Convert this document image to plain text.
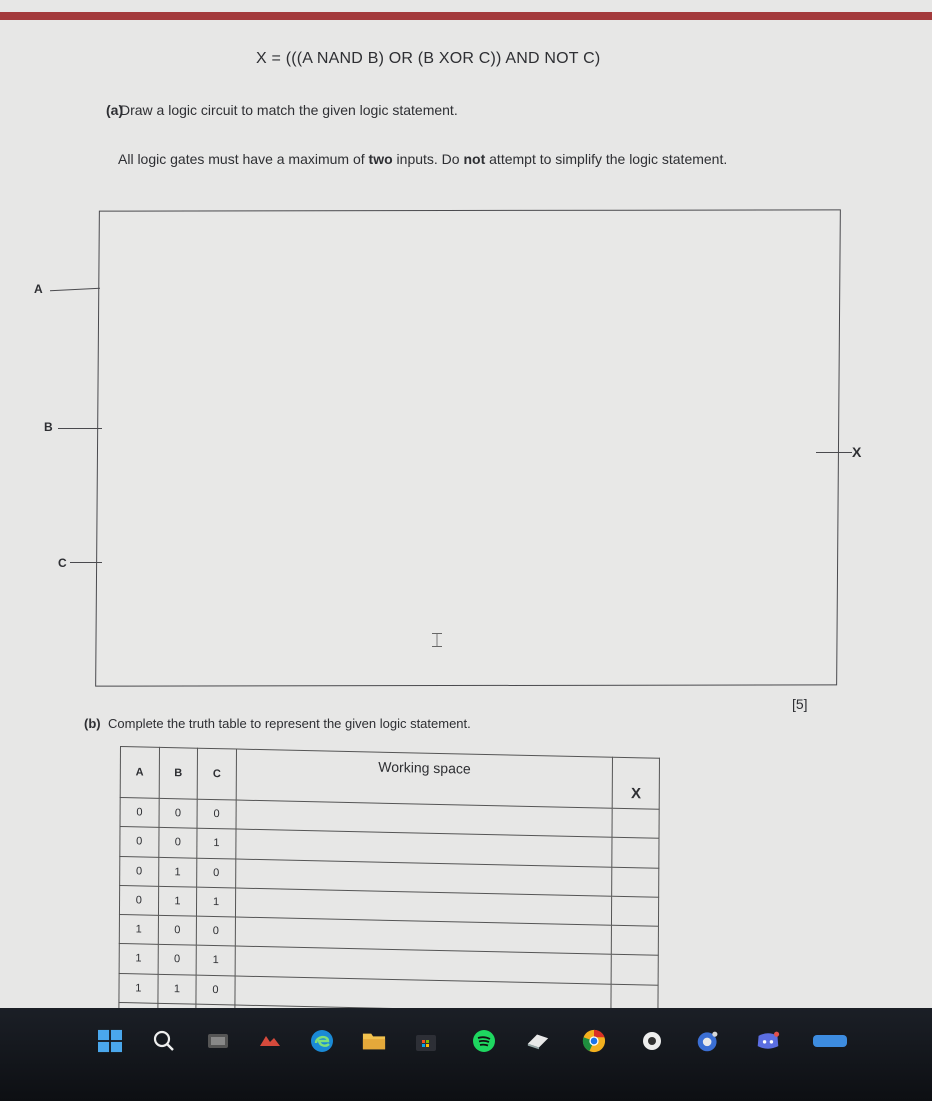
X = (((A NAND B) OR (B XOR C)) AND NOT C)
(a)
Draw a logic circuit to match the given logic statement.
All logic gates must have a maximum of two inputs. Do not attempt to simplify the logic statement.
A
B
C
X
⌶
[5]
(b) Complete the truth table to represent the given logic statement.
A	B	C	Working space	X
0	0	0		
0	0	1		
0	1	0		
0	1	1		
1	0	0		
1	0	1		
1	1	0		
